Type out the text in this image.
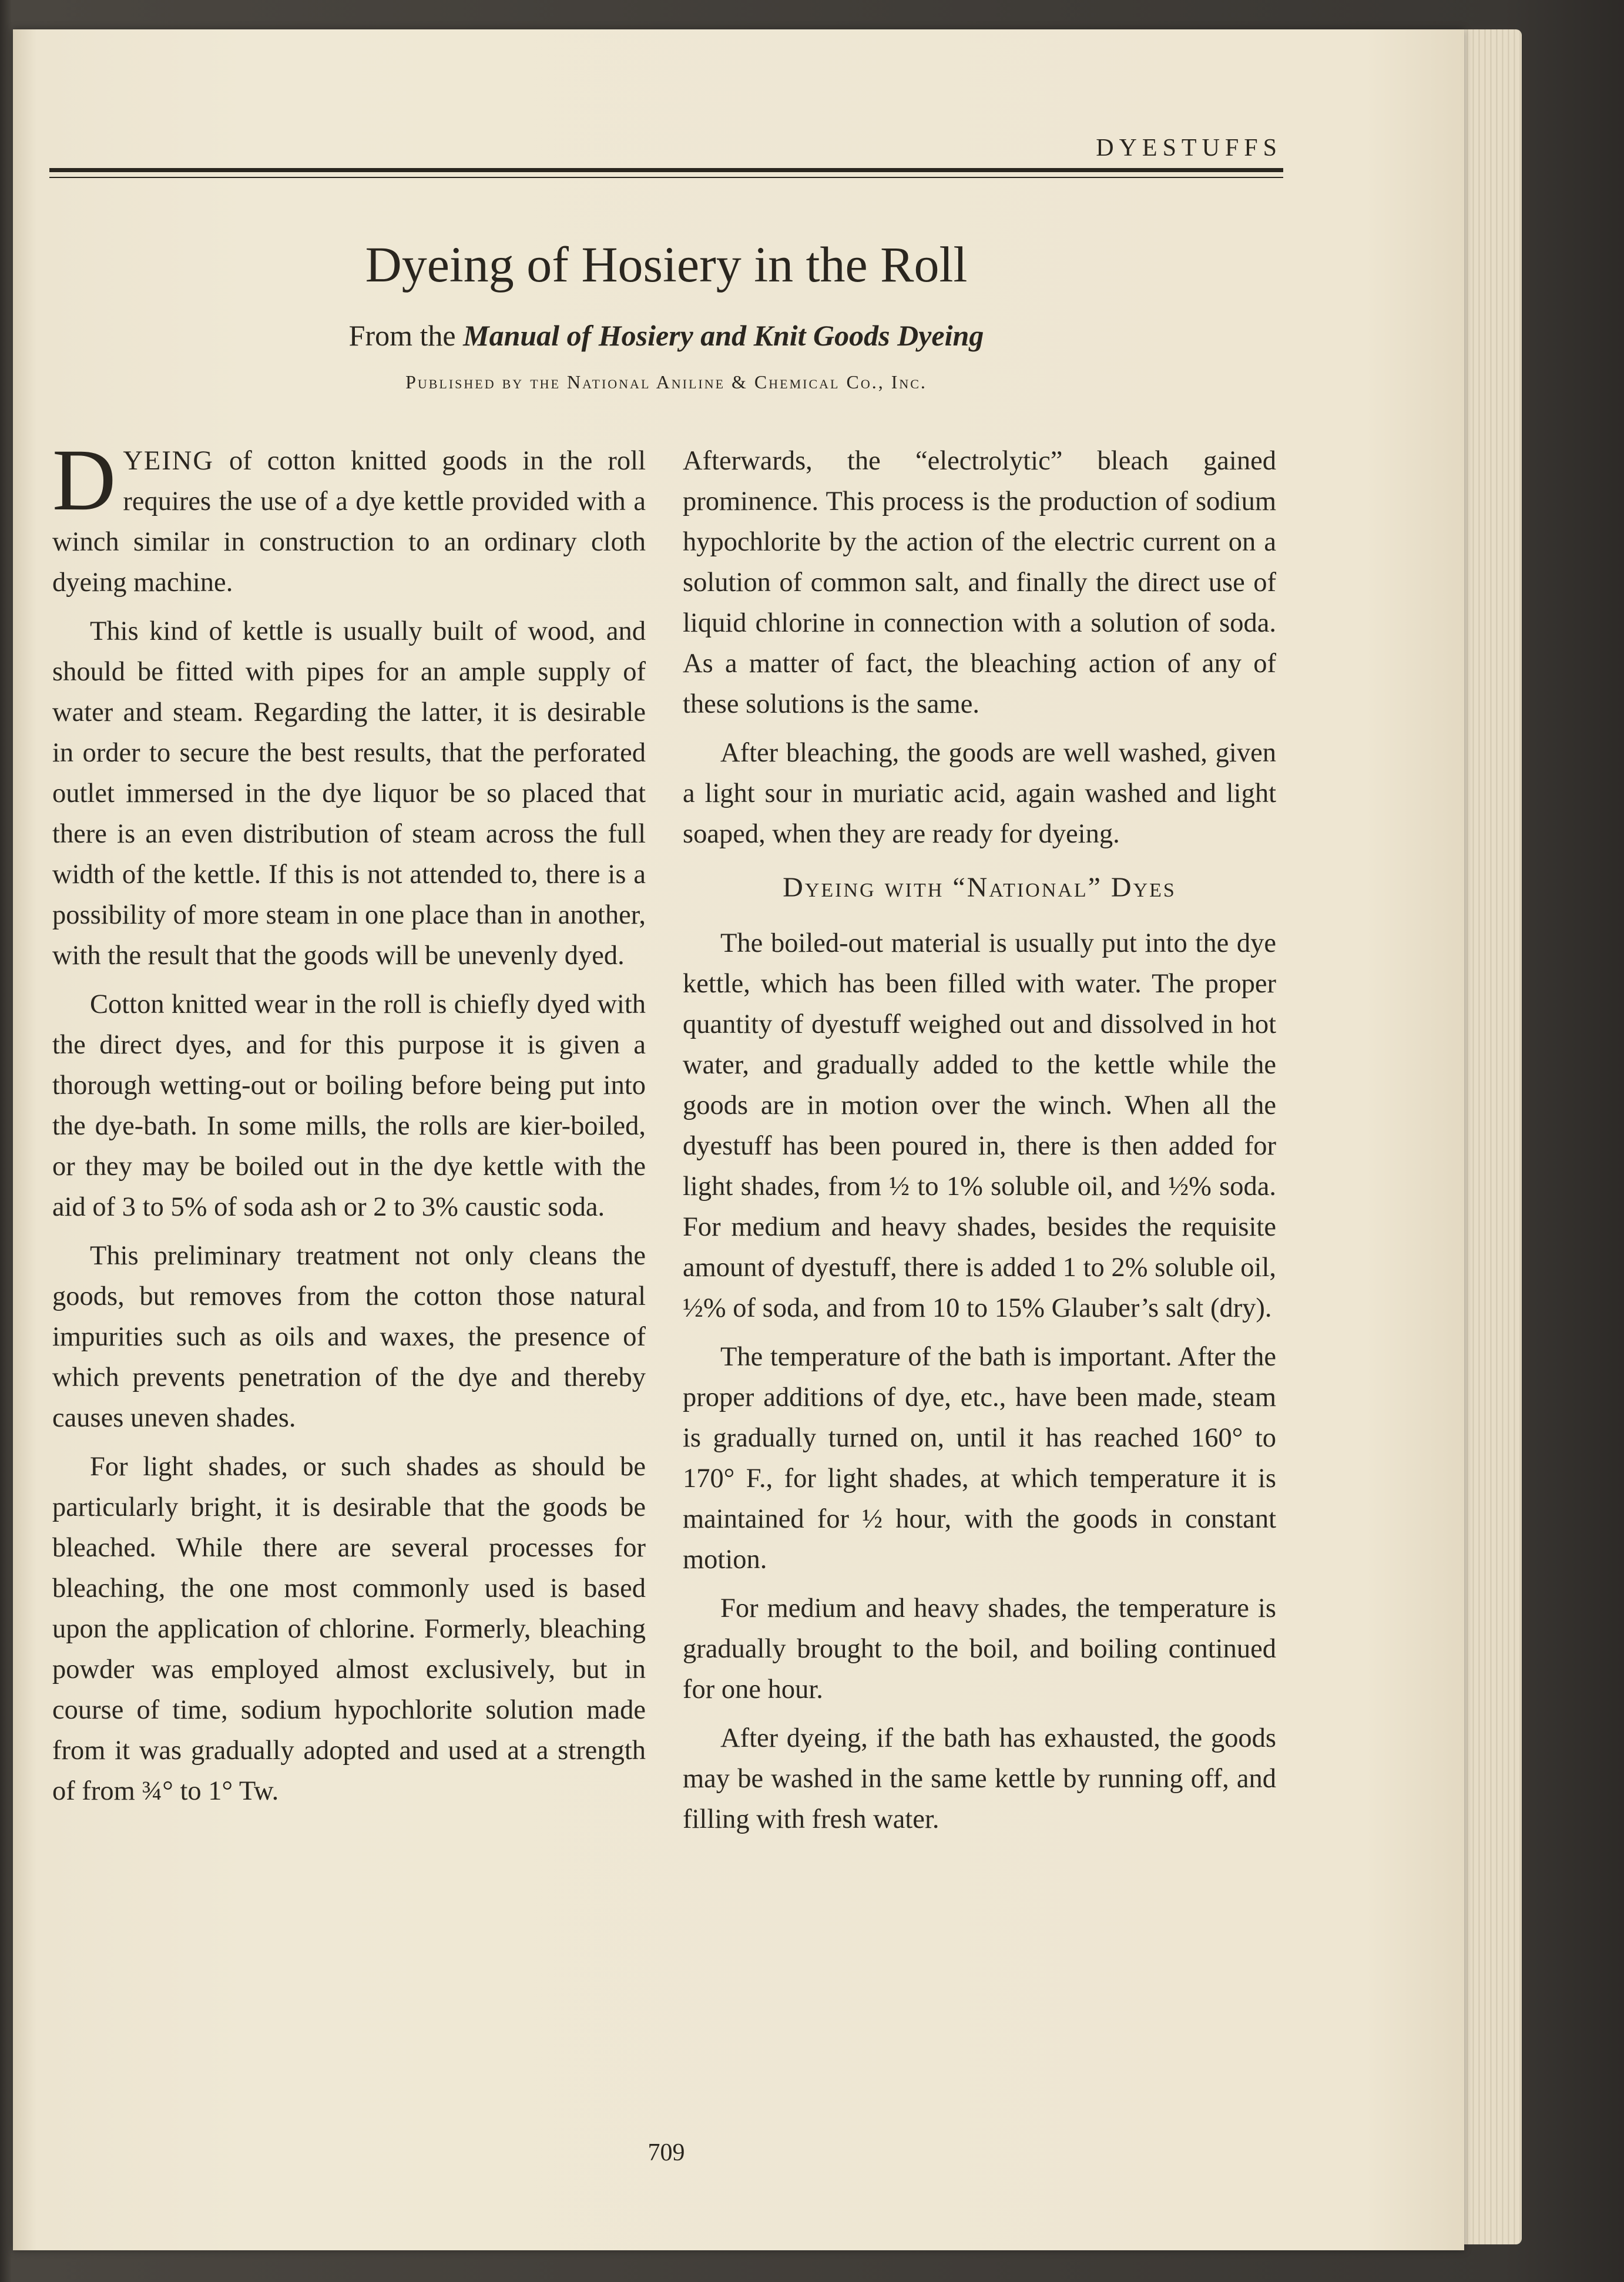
DYESTUFFS
Dyeing of Hosiery in the Roll
From the Manual of Hosiery and Knit Goods Dyeing
Published by the National Aniline & Chemical Co., Inc.

DYEING of cotton knitted goods in the roll requires the use of a dye kettle provided with a winch similar in construction to an ordinary cloth dyeing machine.

This kind of kettle is usually built of wood, and should be fitted with pipes for an ample supply of water and steam. Regarding the latter, it is desirable in order to secure the best results, that the perforated outlet immersed in the dye liquor be so placed that there is an even distribution of steam across the full width of the kettle. If this is not attended to, there is a possibility of more steam in one place than in another, with the result that the goods will be unevenly dyed.

Cotton knitted wear in the roll is chiefly dyed with the direct dyes, and for this purpose it is given a thorough wetting-out or boiling before being put into the dye-bath. In some mills, the rolls are kier-boiled, or they may be boiled out in the dye kettle with the aid of 3 to 5% of soda ash or 2 to 3% caustic soda.

This preliminary treatment not only cleans the goods, but removes from the cotton those natural impurities such as oils and waxes, the presence of which prevents penetration of the dye and thereby causes uneven shades.

For light shades, or such shades as should be particularly bright, it is desirable that the goods be bleached. While there are several processes for bleaching, the one most commonly used is based upon the application of chlorine. Formerly, bleaching powder was employed almost exclusively, but in course of time, sodium hypochlorite solution made from it was gradually adopted and used at a strength of from ¾° to 1° Tw.

Afterwards, the “electrolytic” bleach gained prominence. This process is the production of sodium hypochlorite by the action of the electric current on a solution of common salt, and finally the direct use of liquid chlorine in connection with a solution of soda. As a matter of fact, the bleaching action of any of these solutions is the same.

After bleaching, the goods are well washed, given a light sour in muriatic acid, again washed and light soaped, when they are ready for dyeing.

Dyeing with “National” Dyes

The boiled-out material is usually put into the dye kettle, which has been filled with water. The proper quantity of dyestuff weighed out and dissolved in hot water, and gradually added to the kettle while the goods are in motion over the winch. When all the dyestuff has been poured in, there is then added for light shades, from ½ to 1% soluble oil, and ½% soda. For medium and heavy shades, besides the requisite amount of dyestuff, there is added 1 to 2% soluble oil, ½% of soda, and from 10 to 15% Glauber’s salt (dry).

The temperature of the bath is important. After the proper additions of dye, etc., have been made, steam is gradually turned on, until it has reached 160° to 170° F., for light shades, at which temperature it is maintained for ½ hour, with the goods in constant motion.

For medium and heavy shades, the temperature is gradually brought to the boil, and boiling continued for one hour.

After dyeing, if the bath has exhausted, the goods may be washed in the same kettle by running off, and filling with fresh water.

709
